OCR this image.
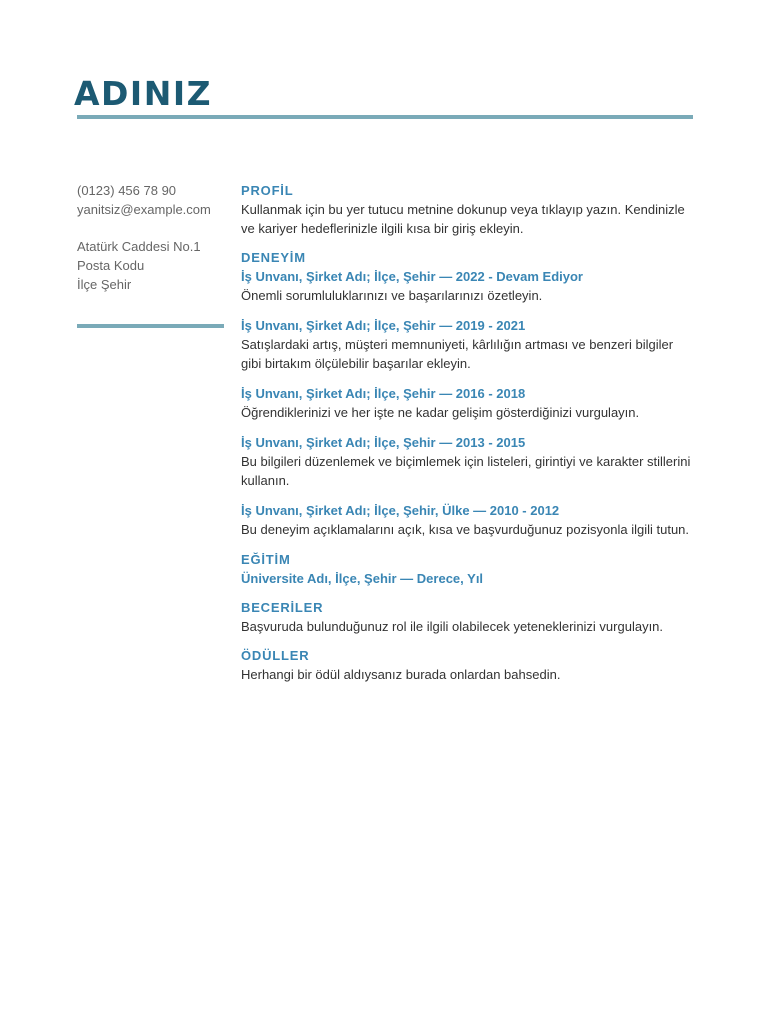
ADINIZ
(0123) 456 78 90
yanitsiz@example.com
Atatürk Caddesi No.1
Posta Kodu
İlçe Şehir
PROFİL
Kullanmak için bu yer tutucu metnine dokunup veya tıklayıp yazın. Kendinizle ve kariyer hedeflerinizle ilgili kısa bir giriş ekleyin.
DENEYİM
İş Unvanı, Şirket Adı; İlçe, Şehir — 2022 - Devam Ediyor
Önemli sorumluluklarınızı ve başarılarınızı özetleyin.
İş Unvanı, Şirket Adı; İlçe, Şehir — 2019 - 2021
Satışlardaki artış, müşteri memnuniyeti, kârlılığın artması ve benzeri bilgiler gibi birtakım ölçülebilir başarılar ekleyin.
İş Unvanı, Şirket Adı; İlçe, Şehir — 2016 - 2018
Öğrendiklerinizi ve her işte ne kadar gelişim gösterdiğinizi vurgulayın.
İş Unvanı, Şirket Adı; İlçe, Şehir — 2013 - 2015
Bu bilgileri düzenlemek ve biçimlemek için listeleri, girintiyi ve karakter stillerini kullanın.
İş Unvanı, Şirket Adı; İlçe, Şehir, Ülke — 2010 - 2012
Bu deneyim açıklamalarını açık, kısa ve başvurduğunuz pozisyonla ilgili tutun.
EĞİTİM
Üniversite Adı, İlçe, Şehir — Derece, Yıl
BECERİLER
Başvuruda bulunduğunuz rol ile ilgili olabilecek yeteneklerinizi vurgulayın.
ÖDÜLLER
Herhangi bir ödül aldıysanız burada onlardan bahsedin.
